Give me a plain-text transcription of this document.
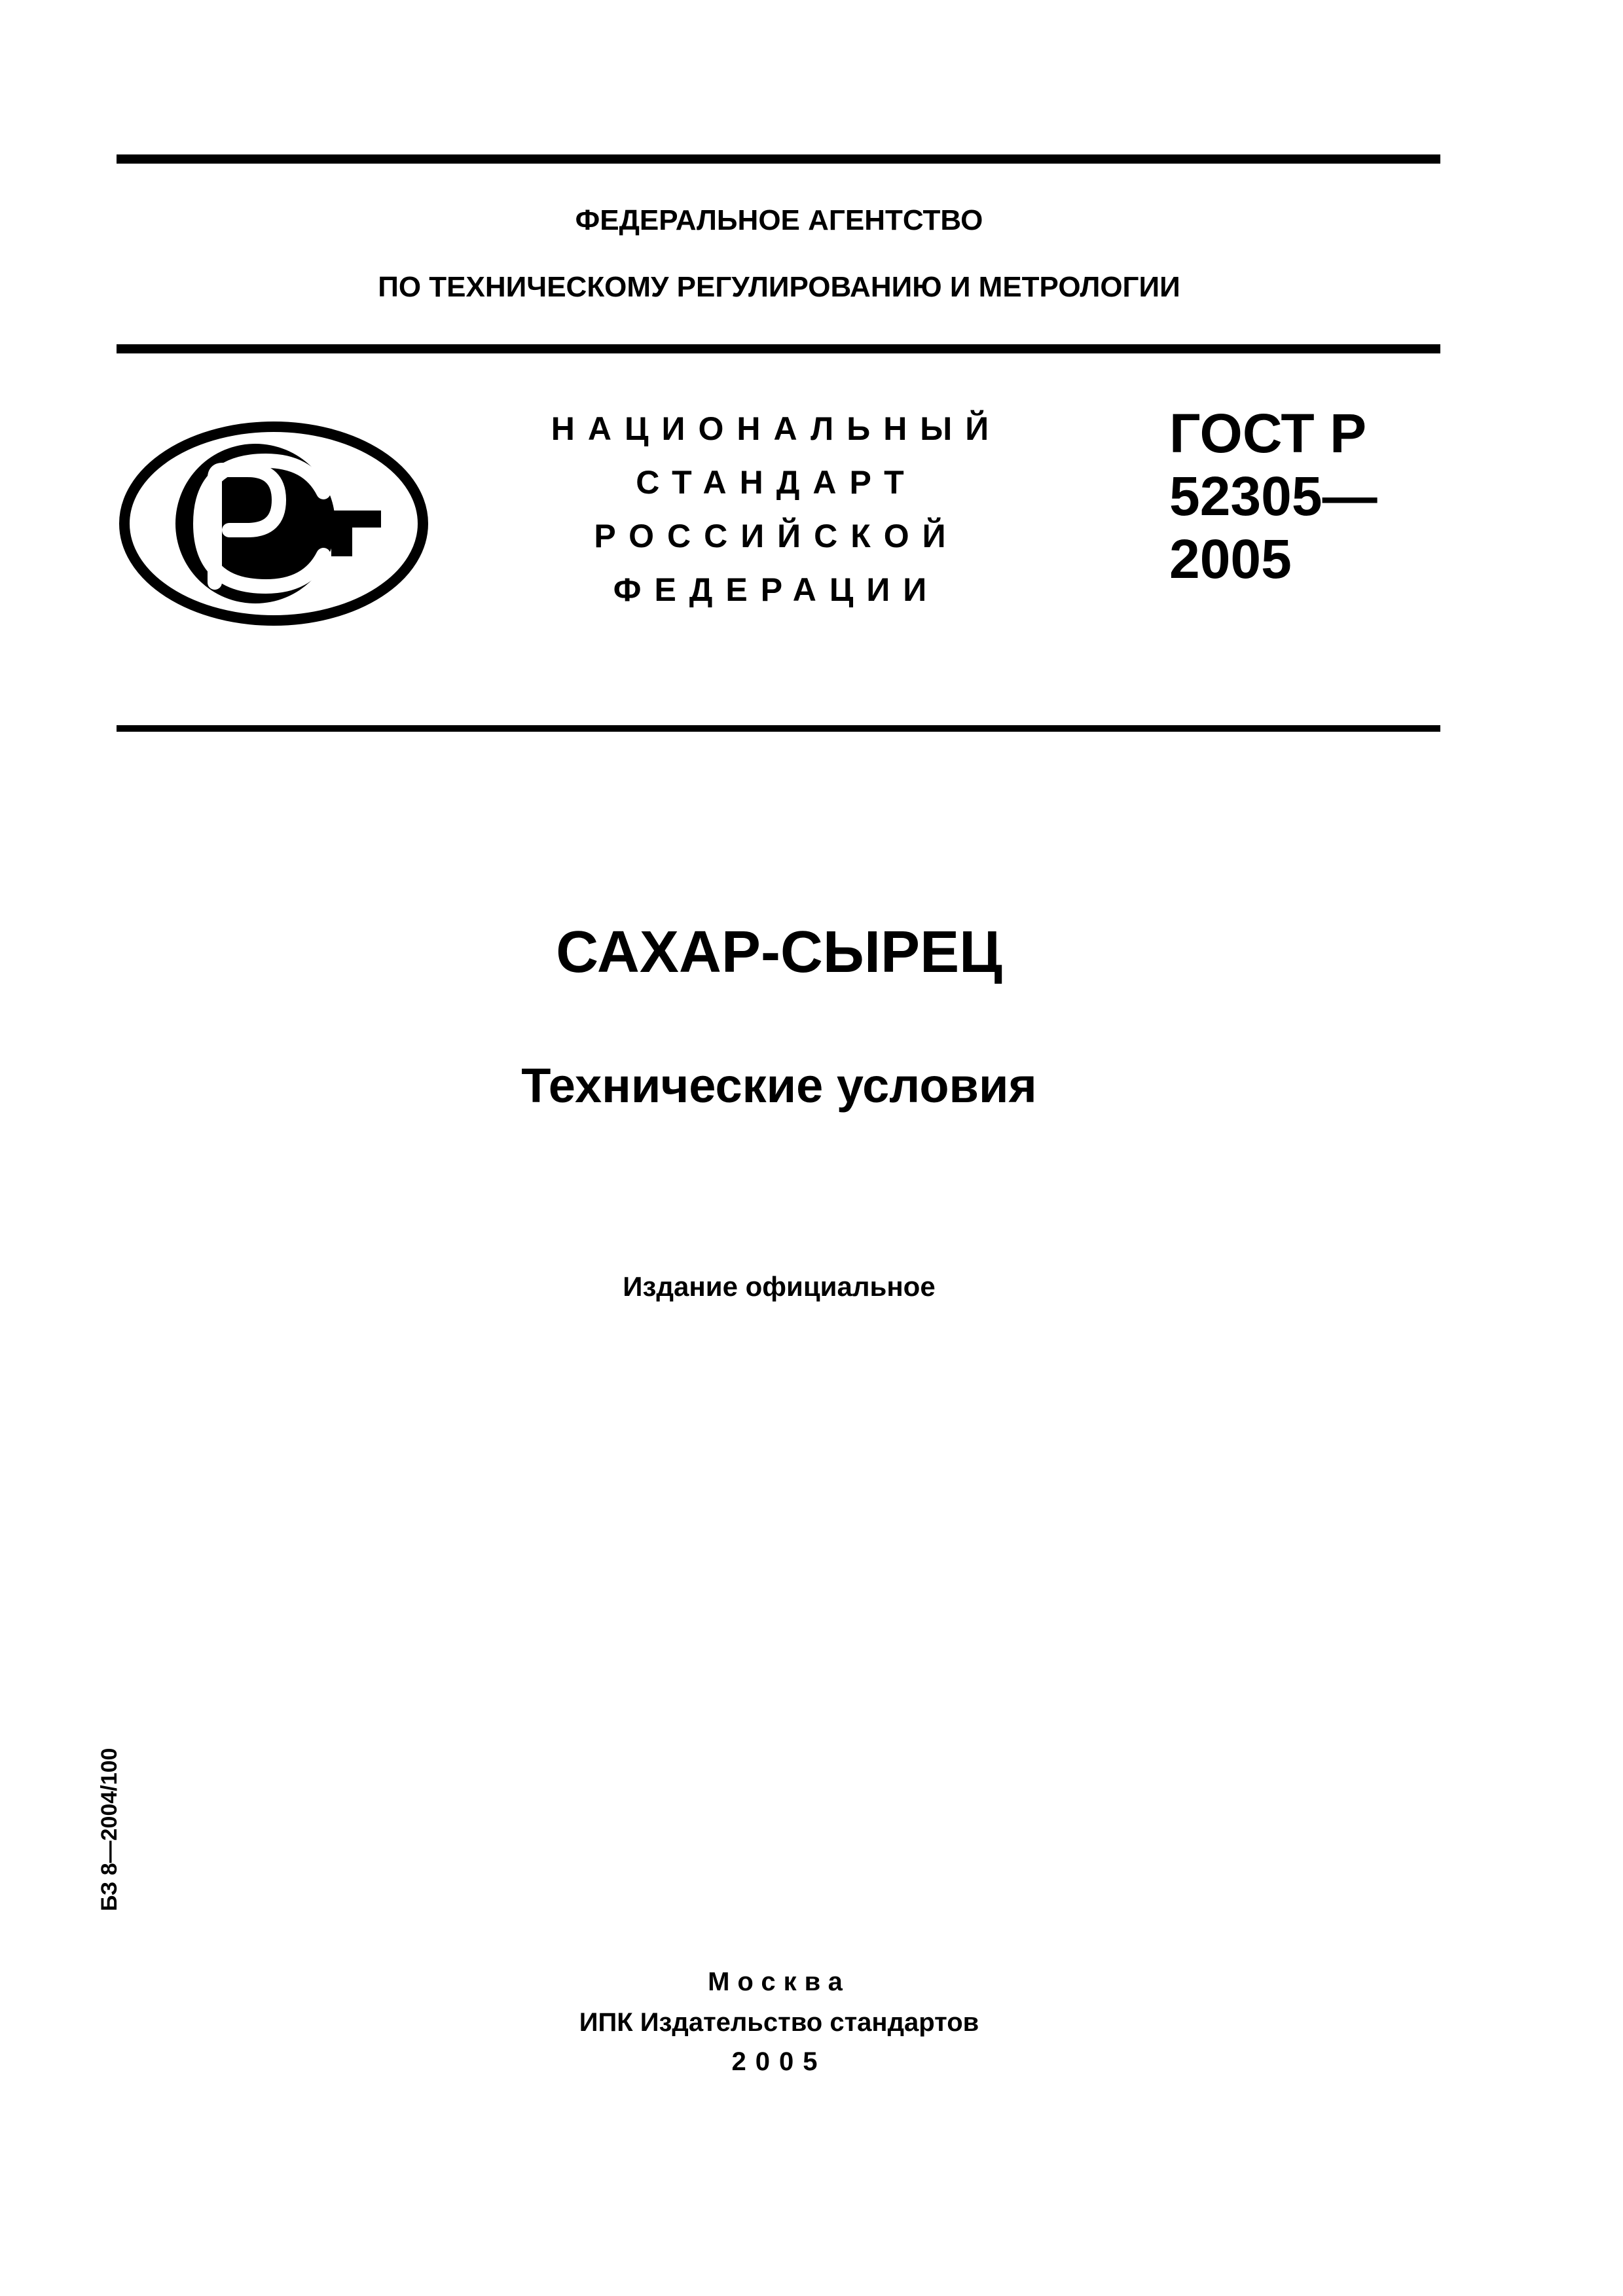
ФЕДЕРАЛЬНОЕ АГЕНТСТВО
ПО ТЕХНИЧЕСКОМУ РЕГУЛИРОВАНИЮ И МЕТРОЛОГИИ
НАЦИОНАЛЬНЫЙ
СТАНДАРТ
РОССИЙСКОЙ
ФЕДЕРАЦИИ
ГОСТ Р
52305—
2005
САХАР-СЫРЕЦ
Технические условия
Издание официальное
БЗ 8—2004/100
Москва
ИПК Издательство стандартов
2005
